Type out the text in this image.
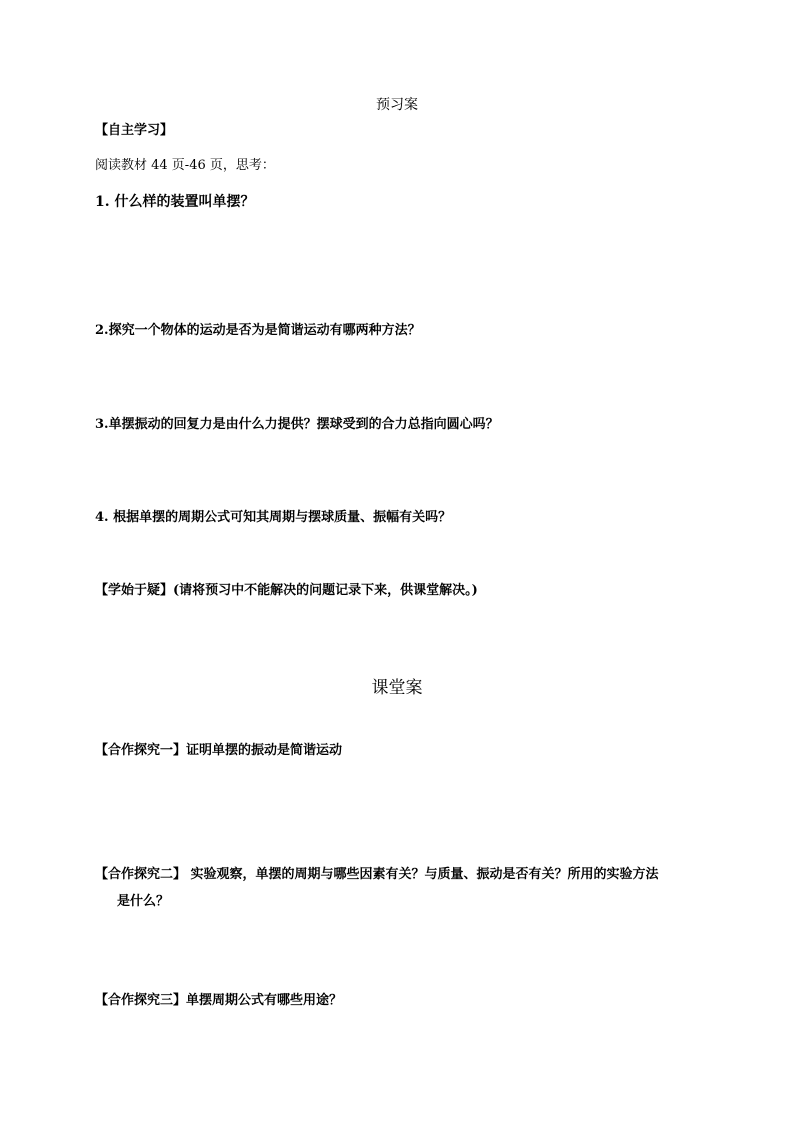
预习案
【自主学习】
阅读教材 44 页-46 页，思考：
1. 什么样的装置叫单摆？
2.探究一个物体的运动是否为是简谐运动有哪两种方法？
3.单摆振动的回复力是由什么力提供？摆球受到的合力总指向圆心吗？
4. 根据单摆的周期公式可知其周期与摆球质量、振幅有关吗？
【学始于疑】(请将预习中不能解决的问题记录下来，供课堂解决。)
课堂案
【合作探究一】证明单摆的振动是简谐运动
【合作探究二】 实验观察，单摆的周期与哪些因素有关？与质量、振动是否有关？所用的实验方法
是什么？
【合作探究三】单摆周期公式有哪些用途？
